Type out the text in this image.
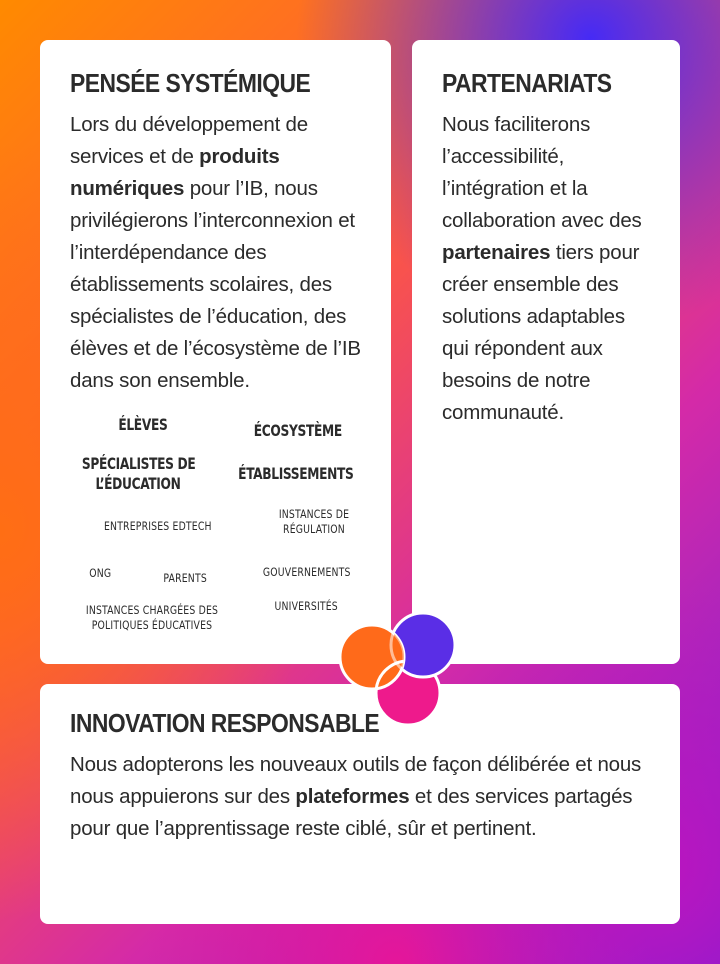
PENSÉE SYSTÉMIQUE

Lors du développement de services et de produits numériques pour l’IB, nous privilégierons l’interconnexion et l’interdépendance des établissements scolaires, des spécialistes de l’éducation, des élèves et de l’écosystème de l’IB dans son ensemble.

ÉLÈVES	ÉCOSYSTÈME
SPÉCIALISTES DE
L’ÉDUCATION
ÉTABLISSEMENTS
ENTREPRISES EDTECH
INSTANCES DE
RÉGULATION
ONG	PARENTS	GOUVERNEMENTS
UNIVERSITÉS
INSTANCES CHARGÉES DES
POLITIQUES ÉDUCATIVES
PARTENARIATS

Nous faciliterons l’accessibilité, l’intégration et la collaboration avec des partenaires tiers pour créer ensemble des solutions adaptables qui répondent aux besoins de notre communauté.

INNOVATION RESPONSABLE

Nous adopterons les nouveaux outils de façon délibérée et nous nous appuierons sur des plateformes et des services partagés pour que l’apprentissage reste ciblé, sûr et pertinent.
